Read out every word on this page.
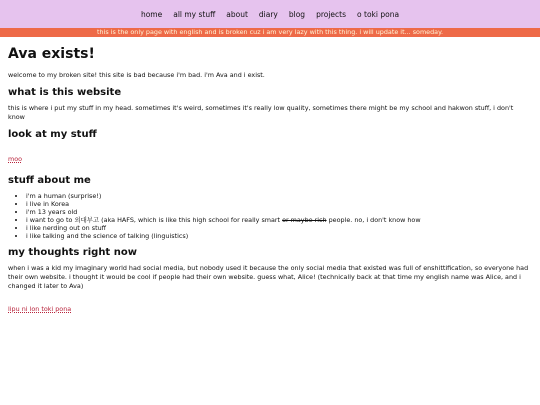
home all my stuff about diary blog projects o toki pona
this is the only page with english and is broken cuz i am very lazy with this thing. i will update it... someday.
Ava exists!

welcome to my broken site! this site is bad because i'm bad. i'm Ava and i exist.

what is this website

this is where i put my stuff in my head. sometimes it's weird, sometimes it's really low quality, sometimes there might be my school and hakwon stuff, i don't know

look at my stuff
moo
stuff about me
• i'm a human (surprise!)
• i live in Korea
• i'm 13 years old
• i want to go to 외대부고 (aka HAFS, which is like this high school for really smart or maybe rich people. no, i don't know how
• i like nerding out on stuff
• i like talking and the science of talking (linguistics)
my thoughts right now

when i was a kid my imaginary world had social media, but nobody used it because the only social media that existed was full of enshittification, so everyone had their own website. i thought it would be cool if people had their own website. guess what, Alice! (technically back at that time my english name was Alice, and i changed it later to Ava)

lipu ni lon toki pona
